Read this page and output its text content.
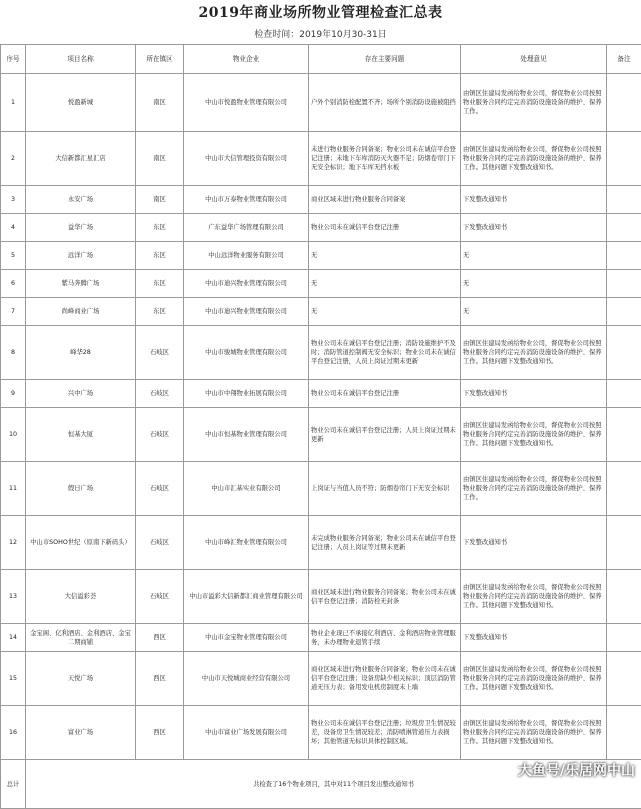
2019年商业场所物业管理检查汇总表
检查时间：2019年10月30-31日
序号	项目名称	所在镇区	物业企业	存在主要问题	处理意见	备注
1	悦盈新城	南区	中山市悦盈物业管理有限公司	户外个别消防栓配置不齐；场所个别消防设施被阻挡	由镇区住建局发函给物业公司，督促物业公司按照物业服务合同约定完善消防设施设备的维护、保养工作。	
2	大信新都汇星汇店	南区	中山市大信管理投资有限公司	未进行物业服务合同备案；物业公司未在诚信平台登记注册；未地下车库消防灭火器不足；防烟卷帘门下无安全标识；地下车库无挡水板	由镇区住建局发函给物业公司，督促物业公司按照物业服务合同约定完善消防设施设备的维护、保养工作。其他问题下发整改通知书。	
3	永安广场	南区	中山市万泰物业管理有限公司	商业区域未进行物业服务合同备案	下发整改通知书	
4	益华广场	东区	广东益华广场管理有限公司	物业公司未在诚信平台登记注册	下发整改通知书	
5	远洋广场	东区	中山远洋物业服务有限公司	无	无	
6	紫马奔腾广场	东区	中山市迪兴物业管理有限公司	无	无	
7	尚峰商业广场	东区	中山市迪兴物业管理有限公司	无	无	
8	峰华28	石岐区	中山市骏城物业管理有限公司	物业公司未在诚信平台登记注册；消防设施维护不及时；消防管道控制阀无安全标识；物业公司未在诚信平台登记注册，人员上岗证过期未更新	由镇区住建局发函给物业公司，督促物业公司按照物业服务合同约定完善消防设施设备的维护、保养工作。其他问题下发整改通知书。	
9	兴中广场	石岐区	中山市中翔物业拓展有限公司	物业公司未在诚信平台登记注册	下发整改通知书	
10	恒基大厦	石岐区	中山市恒基物业管理有限公司	物业公司未在诚信平台登记注册；人员上岗证过期未更新	由镇区住建局发函给物业公司，督促物业公司按照物业服务合同约定完善消防设施设备的维护、保养工作。其他问题下发整改通知书。	
11	假日广场	石岐区	中山市汇基实业有限公司	上岗证与当值人员不符；防烟卷帘门下无安全标识	由镇区住建局发函给物业公司，督促物业公司按照物业服务合同约定完善消防设施设备的维护、保养工作。	
12	中山市SOHO世纪（原南下新码头）	石岐区	中山市峰汇物业管理有限公司	未完成物业服务合同备案；物业公司未在诚信平台登记注册；人员上岗证等过期未更新	下发整改通知书	
13	大信溢彩荟	石岐区	中山市溢彩大信新都汇商业管理有限公司	商业区域未进行物业服务合同备案；物业公司未在诚信平台登记注册；消防栓无封条	由镇区住建局发函给物业公司，督促物业公司按照物业服务合同约定完善消防设施设备的维护、保养工作。其他问题下发整改通知书。	
14	金宝阁、亿利酒店、金利酒店、金宝二期商铺	西区	中山市金宝物业管理有限公司	物业企业现已不承接亿利酒店、金利酒店物业管理服务，未办理物业退管手续	下发整改通知书	
15	天悦广场	西区	中山市天悦城商业经营有限公司	商业区域未进行物业服务合同备案；物业公司未在诚信平台登记注册；设备房缺少相关标识；顶层消防管道无压力表；备用发电机房制度未上墙	由镇区住建局发函给物业公司，督促物业公司按照物业服务合同约定完善消防设施设备的维护、保养工作。其他问题下发整改通知书。	
16	富业广场	西区	中山市富业广场发展有限公司	物业公司未在诚信平台登记注册；垃圾房卫生情况较差，设备房卫生情况较差；消防喷淋管道压力表损坏；其他管道无标识具体控制区域。	由镇区住建局发函给物业公司，督促物业公司按照物业服务合同约定完善消防设施设备的维护、保养工作。其他问题下发整改通知书。	
总计	共检查了16个物业项目，其中对11个项目发出整改通知书					
大鱼号/乐居网中山
